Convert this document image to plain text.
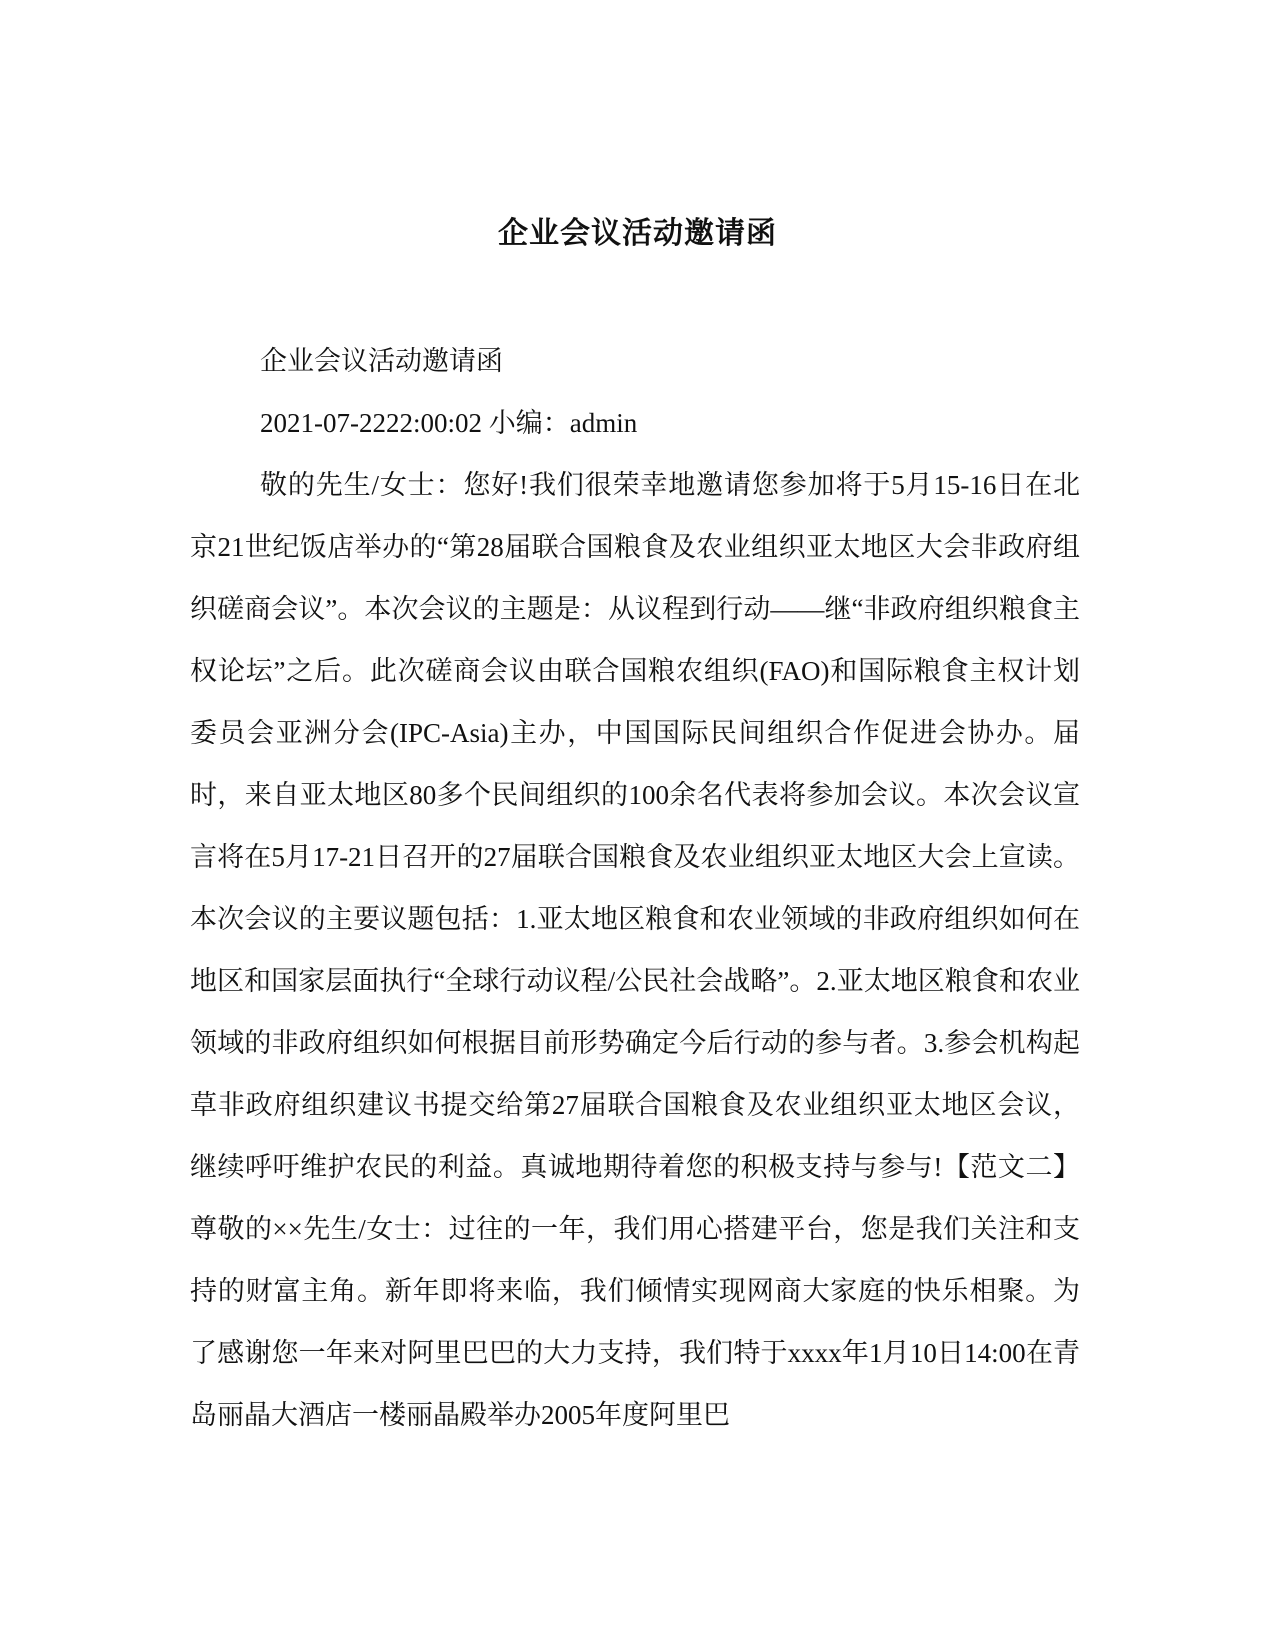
企业会议活动邀请函

企业会议活动邀请函

2021-07-2222:00:02 小编：admin

敬的先生/女士：您好!我们很荣幸地邀请您参加将于5月15-16日在北京21世纪饭店举办的“第28届联合国粮食及农业组织亚太地区大会非政府组织磋商会议”。本次会议的主题是：从议程到行动——继“非政府组织粮食主权论坛”之后。此次磋商会议由联合国粮农组织(FAO)和国际粮食主权计划委员会亚洲分会(IPC-Asia)主办，中国国际民间组织合作促进会协办。届时，来自亚太地区80多个民间组织的100余名代表将参加会议。本次会议宣言将在5月17-21日召开的27届联合国粮食及农业组织亚太地区大会上宣读。本次会议的主要议题包括：1.亚太地区粮食和农业领域的非政府组织如何在地区和国家层面执行“全球行动议程/公民社会战略”。2.亚太地区粮食和农业领域的非政府组织如何根据目前形势确定今后行动的参与者。3.参会机构起草非政府组织建议书提交给第27届联合国粮食及农业组织亚太地区会议，继续呼吁维护农民的利益。真诚地期待着您的积极支持与参与!【范文二】尊敬的××先生/女士：过往的一年，我们用心搭建平台，您是我们关注和支持的财富主角。新年即将来临，我们倾情实现网商大家庭的快乐相聚。为了感谢您一年来对阿里巴巴的大力支持，我们特于xxxx年1月10日14:00在青岛丽晶大酒店一楼丽晶殿举办2005年度阿里巴
